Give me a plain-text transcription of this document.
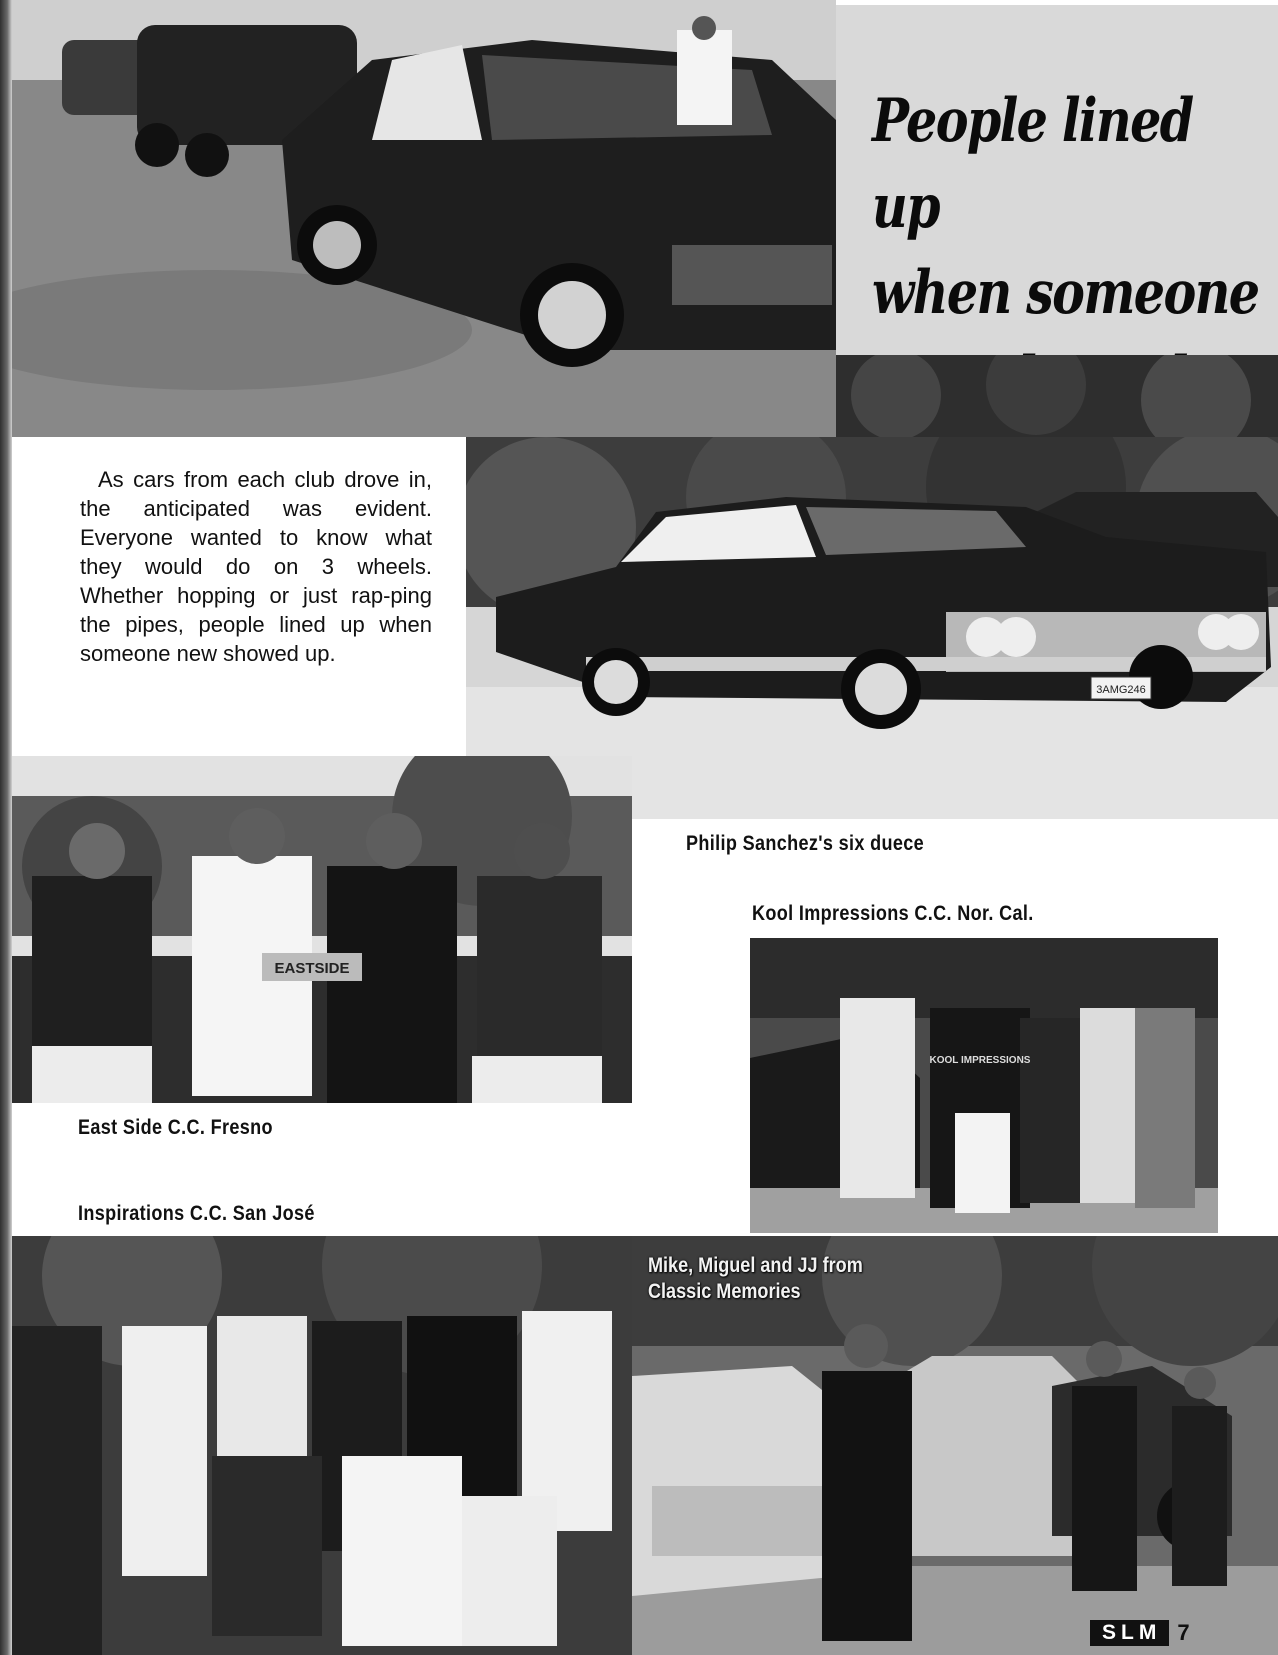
People lined up
when someone
As cars from each club drove in, the anticipated was evident. Everyone wanted to know what they would do on 3 wheels. Whether hopping or just rap-ping the pipes, people lined up when someone new showed up.
3AMG246
EASTSIDE
Philip Sanchez's six duece
Kool Impressions C.C. Nor. Cal.
East Side C.C. Fresno
Inspirations C.C. San José
KOOL IMPRESSIONS
Mike, Miguel and JJ from
Classic Memories
SLM 7
